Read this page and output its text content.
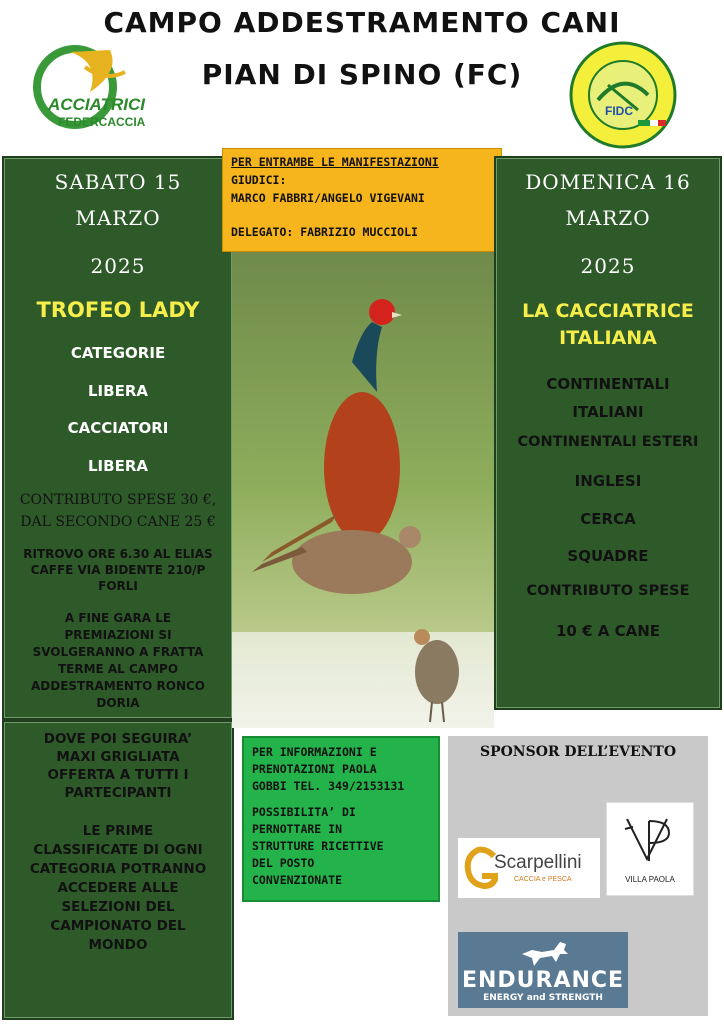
CAMPO ADDESTRAMENTO CANI
PIAN DI SPINO (FC)
ACCIATRICI
FEDERCACCIA
FIDC
SABATO 15
MARZO
2025
TROFEO LADY
CATEGORIE
LIBERA
CACCIATORI
LIBERA
CONTRIBUTO SPESE 30 €,
DAL SECONDO CANE 25 €
RITROVO ORE 6.30 AL ELIAS
CAFFE VIA BIDENTE 210/P
FORLI
A FINE GARA LE
PREMIAZIONI SI
SVOLGERANNO A FRATTA
TERME AL CAMPO
ADDESTRAMENTO RONCO
DORIA
DOVE POI SEGUIRA’
MAXI GRIGLIATA
OFFERTA A TUTTI I
PARTECIPANTI
LE PRIME
CLASSIFICATE DI OGNI
CATEGORIA POTRANNO
ACCEDERE ALLE
SELEZIONI DEL
CAMPIONATO DEL
MONDO
PER ENTRAMBE LE MANIFESTAZIONI
GIUDICI:
MARCO FABBRI/ANGELO VIGEVANI
DELEGATO: FABRIZIO MUCCIOLI
DOMENICA 16
MARZO
2025
LA CACCIATRICE
ITALIANA
CONTINENTALI
ITALIANI
CONTINENTALI ESTERI
INGLESI
CERCA
SQUADRE
CONTRIBUTO SPESE
10 € A CANE
PER INFORMAZIONI E
PRENOTAZIONI PAOLA
GOBBI TEL. 349/2153131
POSSIBILITA’ DI
PERNOTTARE IN
STRUTTURE RICETTIVE
DEL POSTO
CONVENZIONATE
SPONSOR DELL’EVENTO
Scarpellini
CACCIA e PESCA	VILLA PAOLA
ENDURANCE
ENERGY and STRENGTH
